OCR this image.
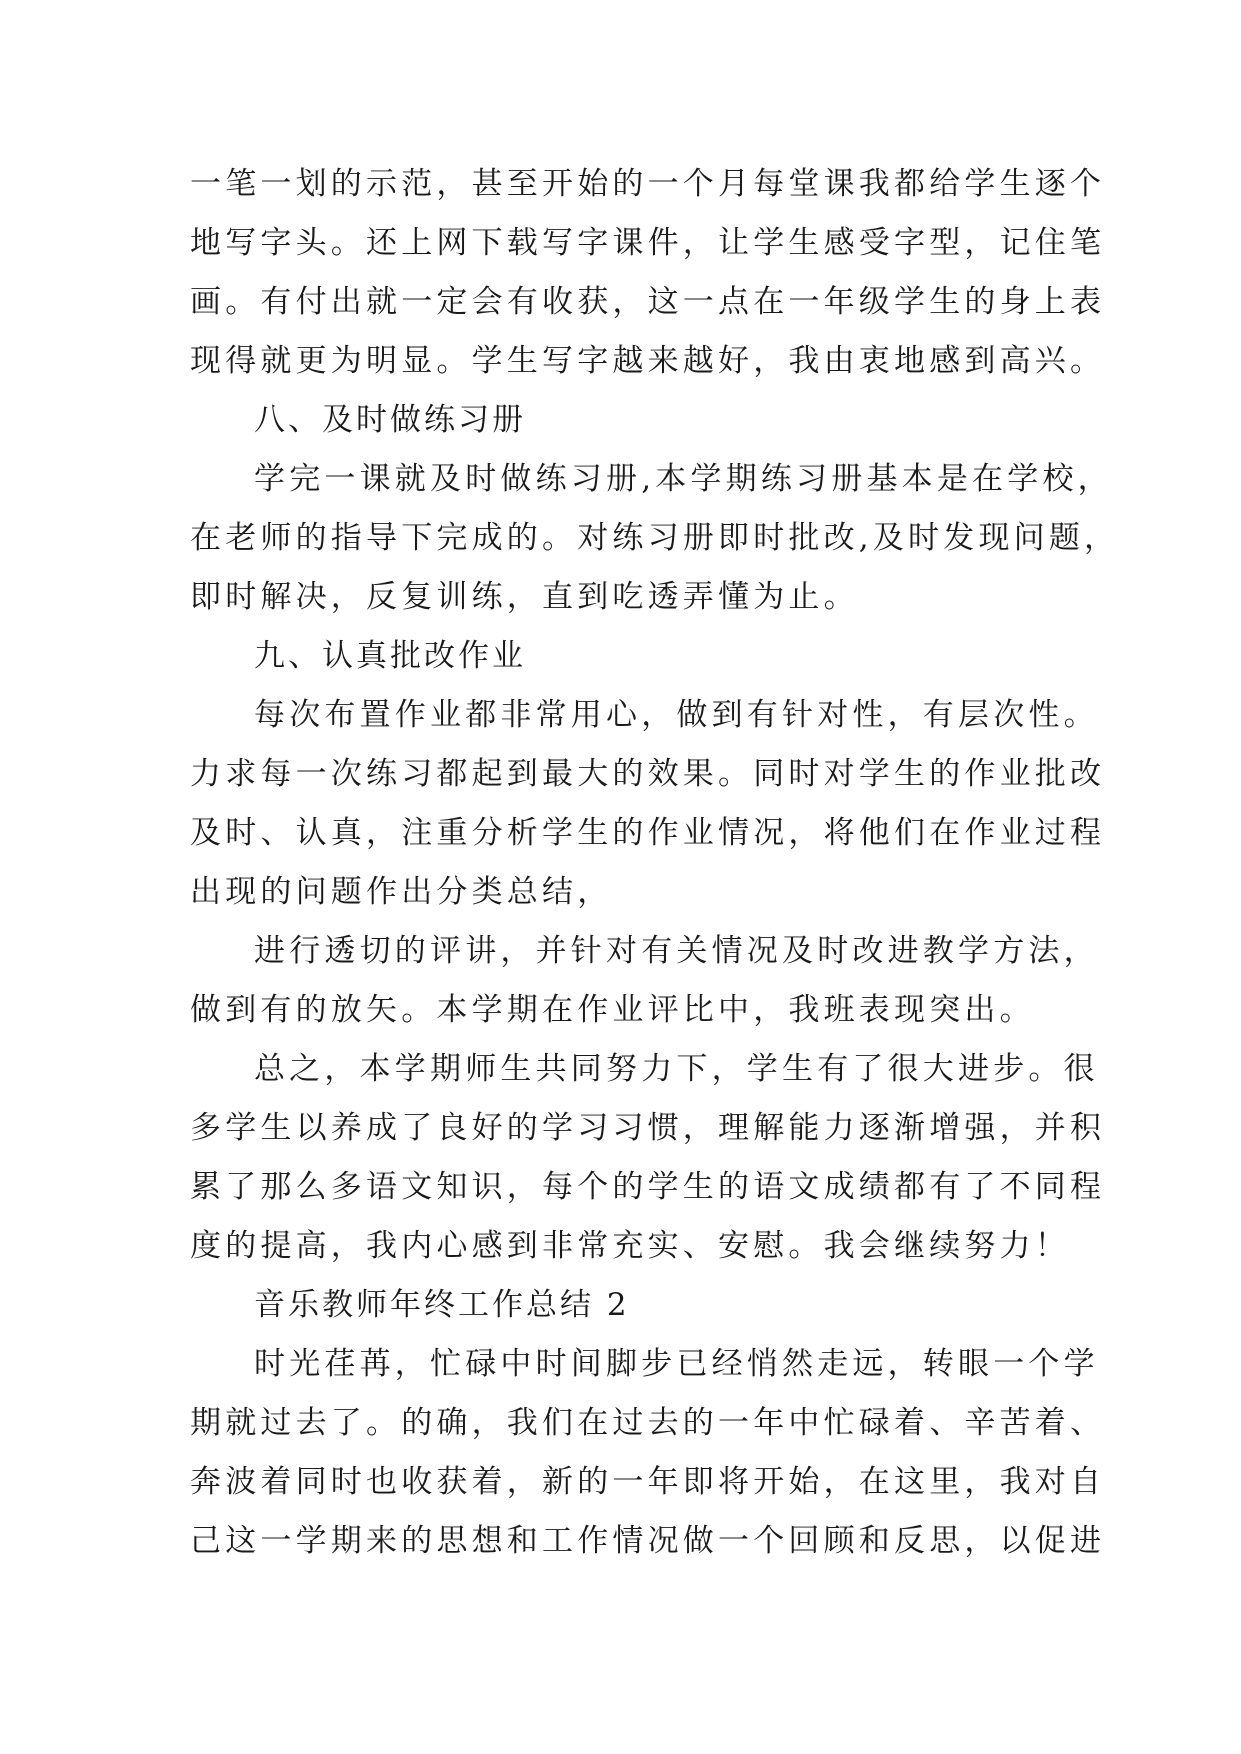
一笔一划的示范，甚至开始的一个月每堂课我都给学生逐个
地写字头。还上网下载写字课件，让学生感受字型，记住笔
画。有付出就一定会有收获，这一点在一年级学生的身上表
现得就更为明显。学生写字越来越好，我由衷地感到高兴。
八、及时做练习册
学完一课就及时做练习册,本学期练习册基本是在学校，
在老师的指导下完成的。对练习册即时批改,及时发现问题，
即时解决，反复训练，直到吃透弄懂为止。
九、认真批改作业
每次布置作业都非常用心，做到有针对性，有层次性。
力求每一次练习都起到最大的效果。同时对学生的作业批改
及时、认真，注重分析学生的作业情况，将他们在作业过程
出现的问题作出分类总结，
进行透切的评讲，并针对有关情况及时改进教学方法，
做到有的放矢。本学期在作业评比中，我班表现突出。
总之，本学期师生共同努力下，学生有了很大进步。很
多学生以养成了良好的学习习惯，理解能力逐渐增强，并积
累了那么多语文知识，每个的学生的语文成绩都有了不同程
度的提高，我内心感到非常充实、安慰。我会继续努力！
音乐教师年终工作总结 2
时光荏苒，忙碌中时间脚步已经悄然走远，转眼一个学
期就过去了。的确，我们在过去的一年中忙碌着、辛苦着、
奔波着同时也收获着，新的一年即将开始，在这里，我对自
己这一学期来的思想和工作情况做一个回顾和反思，以促进
